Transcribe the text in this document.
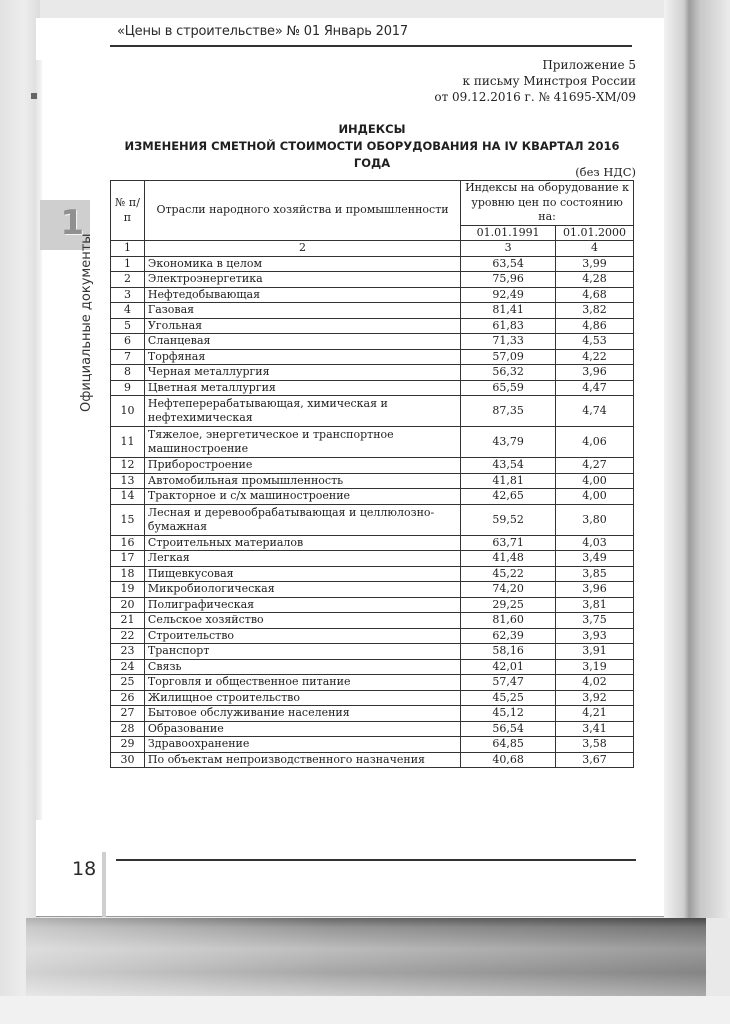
«Цены в строительстве» № 01 Январь 2017
1
Официальные документы
Приложение 5
к письму Минстроя России
от 09.12.2016 г. № 41695-ХМ/09
ИНДЕКСЫ
ИЗМЕНЕНИЯ СМЕТНОЙ СТОИМОСТИ ОБОРУДОВАНИЯ НА IV КВАРТАЛ 2016 ГОДА
(без НДС)
№ п/п	Отрасли народного хозяйства и промышленности	Индексы на оборудование к уровню цен по состоянию на:	
		01.01.1991	01.01.2000
1	2	3	4
1	Экономика в целом	63,54	3,99
2	Электроэнергетика	75,96	4,28
3	Нефтедобывающая	92,49	4,68
4	Газовая	81,41	3,82
5	Угольная	61,83	4,86
6	Сланцевая	71,33	4,53
7	Торфяная	57,09	4,22
8	Черная металлургия	56,32	3,96
9	Цветная металлургия	65,59	4,47
10	Нефтеперерабатывающая, химическая и нефтехимическая	87,35	4,74
11	Тяжелое, энергетическое и транспортное машиностроение	43,79	4,06
12	Приборостроение	43,54	4,27
13	Автомобильная промышленность	41,81	4,00
14	Тракторное и с/х машиностроение	42,65	4,00
15	Лесная и деревообрабатывающая и целлюлозно-бумажная	59,52	3,80
16	Строительных материалов	63,71	4,03
17	Легкая	41,48	3,49
18	Пищевкусовая	45,22	3,85
19	Микробиологическая	74,20	3,96
20	Полиграфическая	29,25	3,81
21	Сельское хозяйство	81,60	3,75
22	Строительство	62,39	3,93
23	Транспорт	58,16	3,91
24	Связь	42,01	3,19
25	Торговля и общественное питание	57,47	4,02
26	Жилищное строительство	45,25	3,92
27	Бытовое обслуживание населения	45,12	4,21
28	Образование	56,54	3,41
29	Здравоохранение	64,85	3,58
30	По объектам непроизводственного назначения	40,68	3,67
18
